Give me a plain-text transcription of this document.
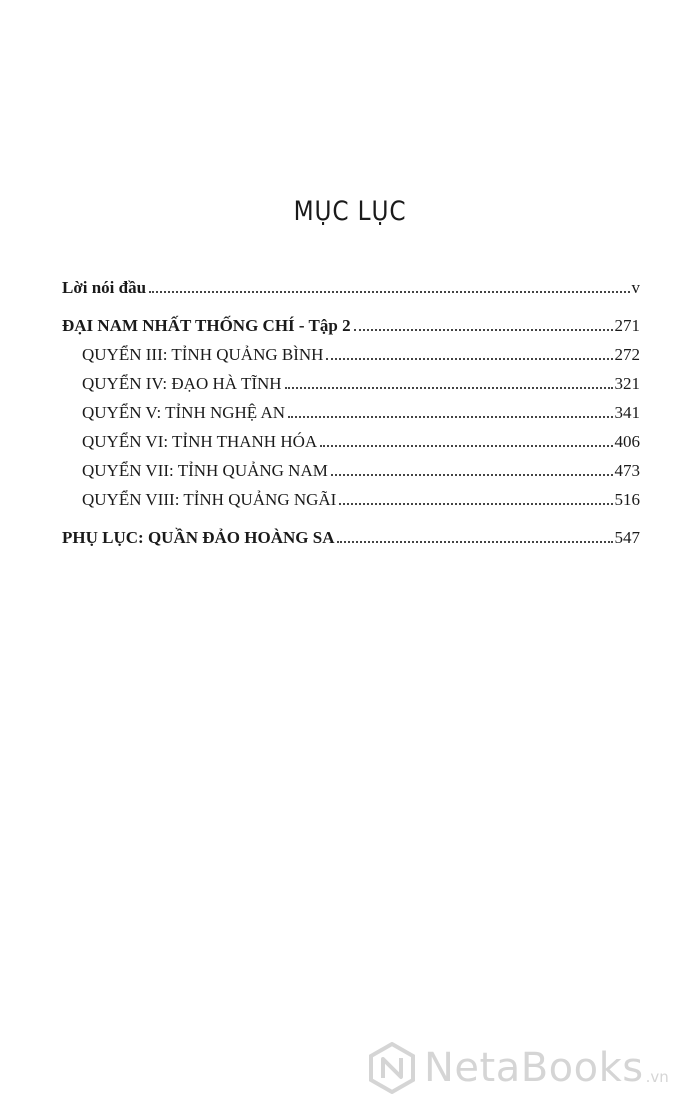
MỤC LỤC
Lời nói đầu	v
ĐẠI NAM NHẤT THỐNG CHÍ - Tập 2	271
QUYỂN III: TỈNH QUẢNG BÌNH	272
QUYỂN IV: ĐẠO HÀ TĨNH	321
QUYỂN V: TỈNH NGHỆ AN	341
QUYỂN VI: TỈNH THANH HÓA	406
QUYỂN VII: TỈNH QUẢNG NAM	473
QUYỂN VIII: TỈNH QUẢNG NGÃI	516
PHỤ LỤC: QUẦN ĐẢO HOÀNG SA	547
NetaBooks .vn
